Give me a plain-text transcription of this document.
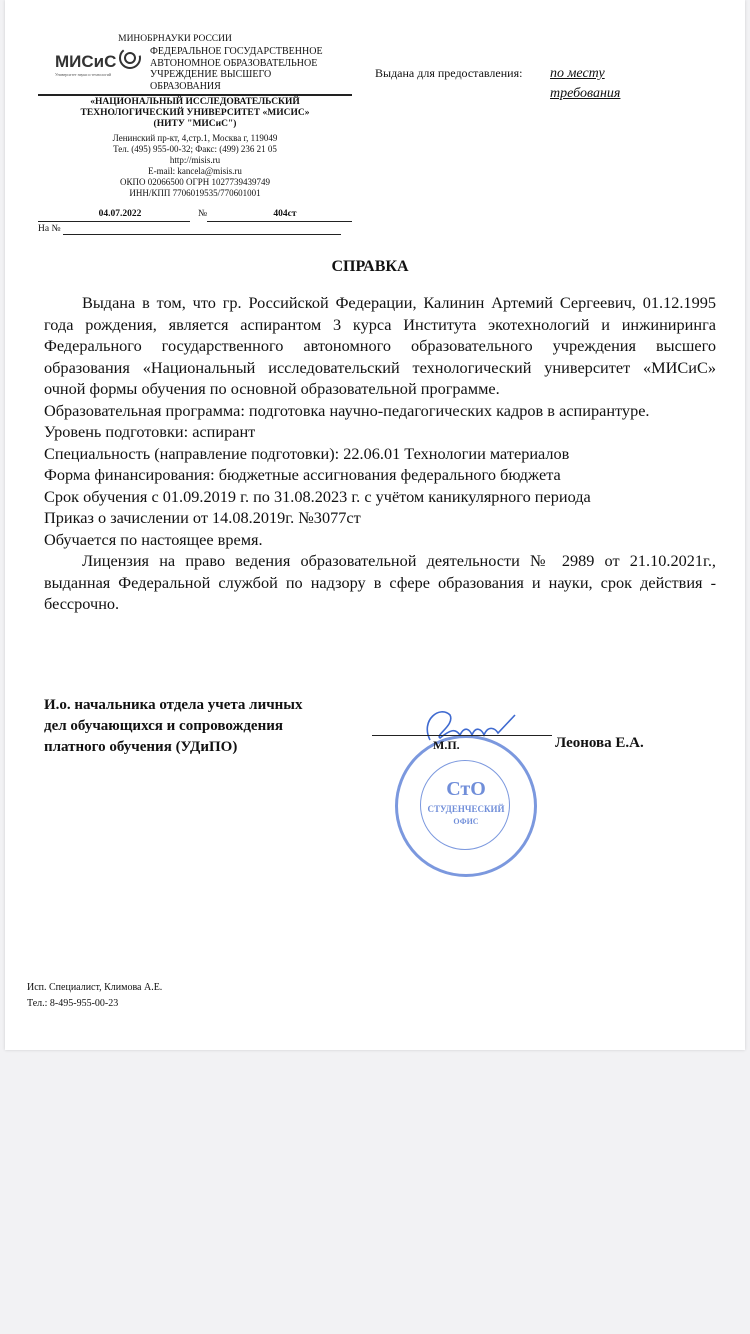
МИНОБРНАУКИ РОССИИ
МИСиС
Университет науки и технологий
ФЕДЕРАЛЬНОЕ ГОСУДАРСТВЕННОЕ
АВТОНОМНОЕ ОБРАЗОВАТЕЛЬНОЕ
УЧРЕЖДЕНИЕ ВЫСШЕГО
ОБРАЗОВАНИЯ
«НАЦИОНАЛЬНЫЙ ИССЛЕДОВАТЕЛЬСКИЙ
ТЕХНОЛОГИЧЕСКИЙ УНИВЕРСИТЕТ «МИСИС»
(НИТУ "МИСиС")
Ленинский пр-кт, 4,стр.1, Москва г, 119049
Тел. (495) 955-00-32; Факс: (499) 236 21 05
http://misis.ru
E-mail: kancela@misis.ru
ОКПО 02066500 ОГРН 1027739439749
ИНН/КПП 7706019535/770601001
04.07.2022	№	404ст
На №
Выдана для предоставления: по месту
требования
СПРАВКА

Выдана в том, что гр. Российской Федерации, Калинин Артемий Сергеевич, 01.12.1995 года рождения, является аспирантом 3 курса Института экотехнологий и инжиниринга Федерального государственного автономного образовательного учреждения высшего образования «Национальный исследовательский технологический университет «МИСиС» очной формы обучения по основной образовательной программе.

Образовательная программа: подготовка научно-педагогических кадров в аспирантуре.

Уровень подготовки: аспирант

Специальность (направление подготовки): 22.06.01 Технологии материалов

Форма финансирования: бюджетные ассигнования федерального бюджета

Срок обучения с 01.09.2019 г. по 31.08.2023 г. с учётом каникулярного периода

Приказ о зачислении от 14.08.2019г. №3077ст

Обучается по настоящее время.

Лицензия на право ведения образовательной деятельности № 2989 от 21.10.2021г., выданная Федеральной службой по надзору в сфере образования и науки, срок действия - бессрочно.

И.о. начальника отдела учета личных
дел обучающихся и сопровождения
платного обучения (УДиПО)
СтО
СТУДЕНЧЕСКИЙ
ОФИС
М.П.	Леонова Е.А.
Исп. Специалист, Климова А.Е.
Тел.: 8-495-955-00-23
